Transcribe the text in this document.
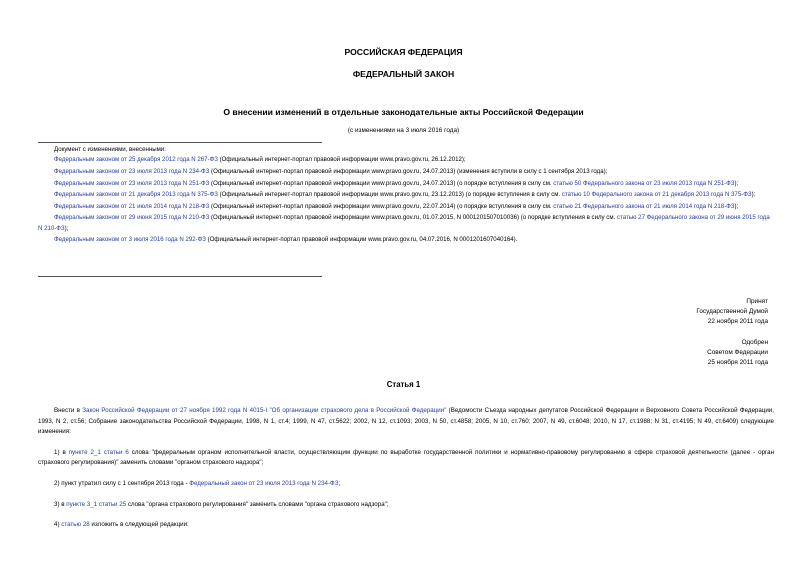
РОССИЙСКАЯ ФЕДЕРАЦИЯ
ФЕДЕРАЛЬНЫЙ ЗАКОН
О внесении изменений в отдельные законодательные акты Российской Федерации
(с изменениями на 3 июля 2016 года)

Документ с изменениями, внесенными:

Федеральным законом от 25 декабря 2012 года N 267-ФЗ (Официальный интернет-портал правовой информации www.pravo.gov.ru, 26.12.2012);

Федеральным законом от 23 июля 2013 года N 234-ФЗ (Официальный интернет-портал правовой информации www.pravo.gov.ru, 24.07.2013) (изменения вступили в силу с 1 сентября 2013 года);

Федеральным законом от 23 июля 2013 года N 251-ФЗ (Официальный интернет-портал правовой информации www.pravo.gov.ru, 24.07.2013) (о порядке вступления в силу см. статью 50 Федерального закона от 23 июля 2013 года N 251-ФЗ);

Федеральным законом от 21 декабря 2013 года N 375-ФЗ (Официальный интернет-портал правовой информации www.pravo.gov.ru, 23.12.2013) (о порядке вступления в силу см. статью 10 Федерального закона от 21 декабря 2013 года N 375-ФЗ);

Федеральным законом от 21 июля 2014 года N 218-ФЗ (Официальный интернет-портал правовой информации www.pravo.gov.ru, 22.07.2014) (о порядке вступления в силу см. статью 21 Федерального закона от 21 июля 2014 года N 218-ФЗ);

Федеральным законом от 29 июня 2015 года N 210-ФЗ (Официальный интернет-портал правовой информации www.pravo.gov.ru, 01.07.2015, N 0001201507010036) (о порядке вступления в силу см. статью 27 Федерального закона от 29 июня 2015 года N 210-ФЗ);

Федеральным законом от 3 июля 2016 года N 292-ФЗ (Официальный интернет-портал правовой информации www.pravo.gov.ru, 04.07.2016, N 0001201607040164).

Принят
Государственной Думой
22 ноября 2011 года
Одобрен
Советом Федерации
25 ноября 2011 года
Статья 1

Внести в Закон Российской Федерации от 27 ноября 1992 года N 4015-I "Об организации страхового дела в Российской Федерации" (Ведомости Съезда народных депутатов Российской Федерации и Верховного Совета Российской Федерации, 1993, N 2, ст.56; Собрание законодательства Российской Федерации, 1998, N 1, ст.4; 1999, N 47, ст.5622; 2002, N 12, ст.1093; 2003, N 50, ст.4858; 2005, N 10, ст.760; 2007, N 49, ст.6048; 2010, N 17, ст.1988; N 31, ст.4195; N 49, ст.6409) следующие изменения:

1) в пункте 2_1 статьи 6 слова "федеральным органом исполнительной власти, осуществляющим функции по выработке государственной политики и нормативно-правовому регулированию в сфере страховой деятельности (далее - орган страхового регулирования)" заменить словами "органом страхового надзора";

2) пункт утратил силу с 1 сентября 2013 года - Федеральный закон от 23 июля 2013 года N 234-ФЗ;

3) в пункте 3_1 статьи 25 слова "органа страхового регулирования" заменить словами "органа страхового надзора";

4) статью 28 изложить в следующей редакции:
